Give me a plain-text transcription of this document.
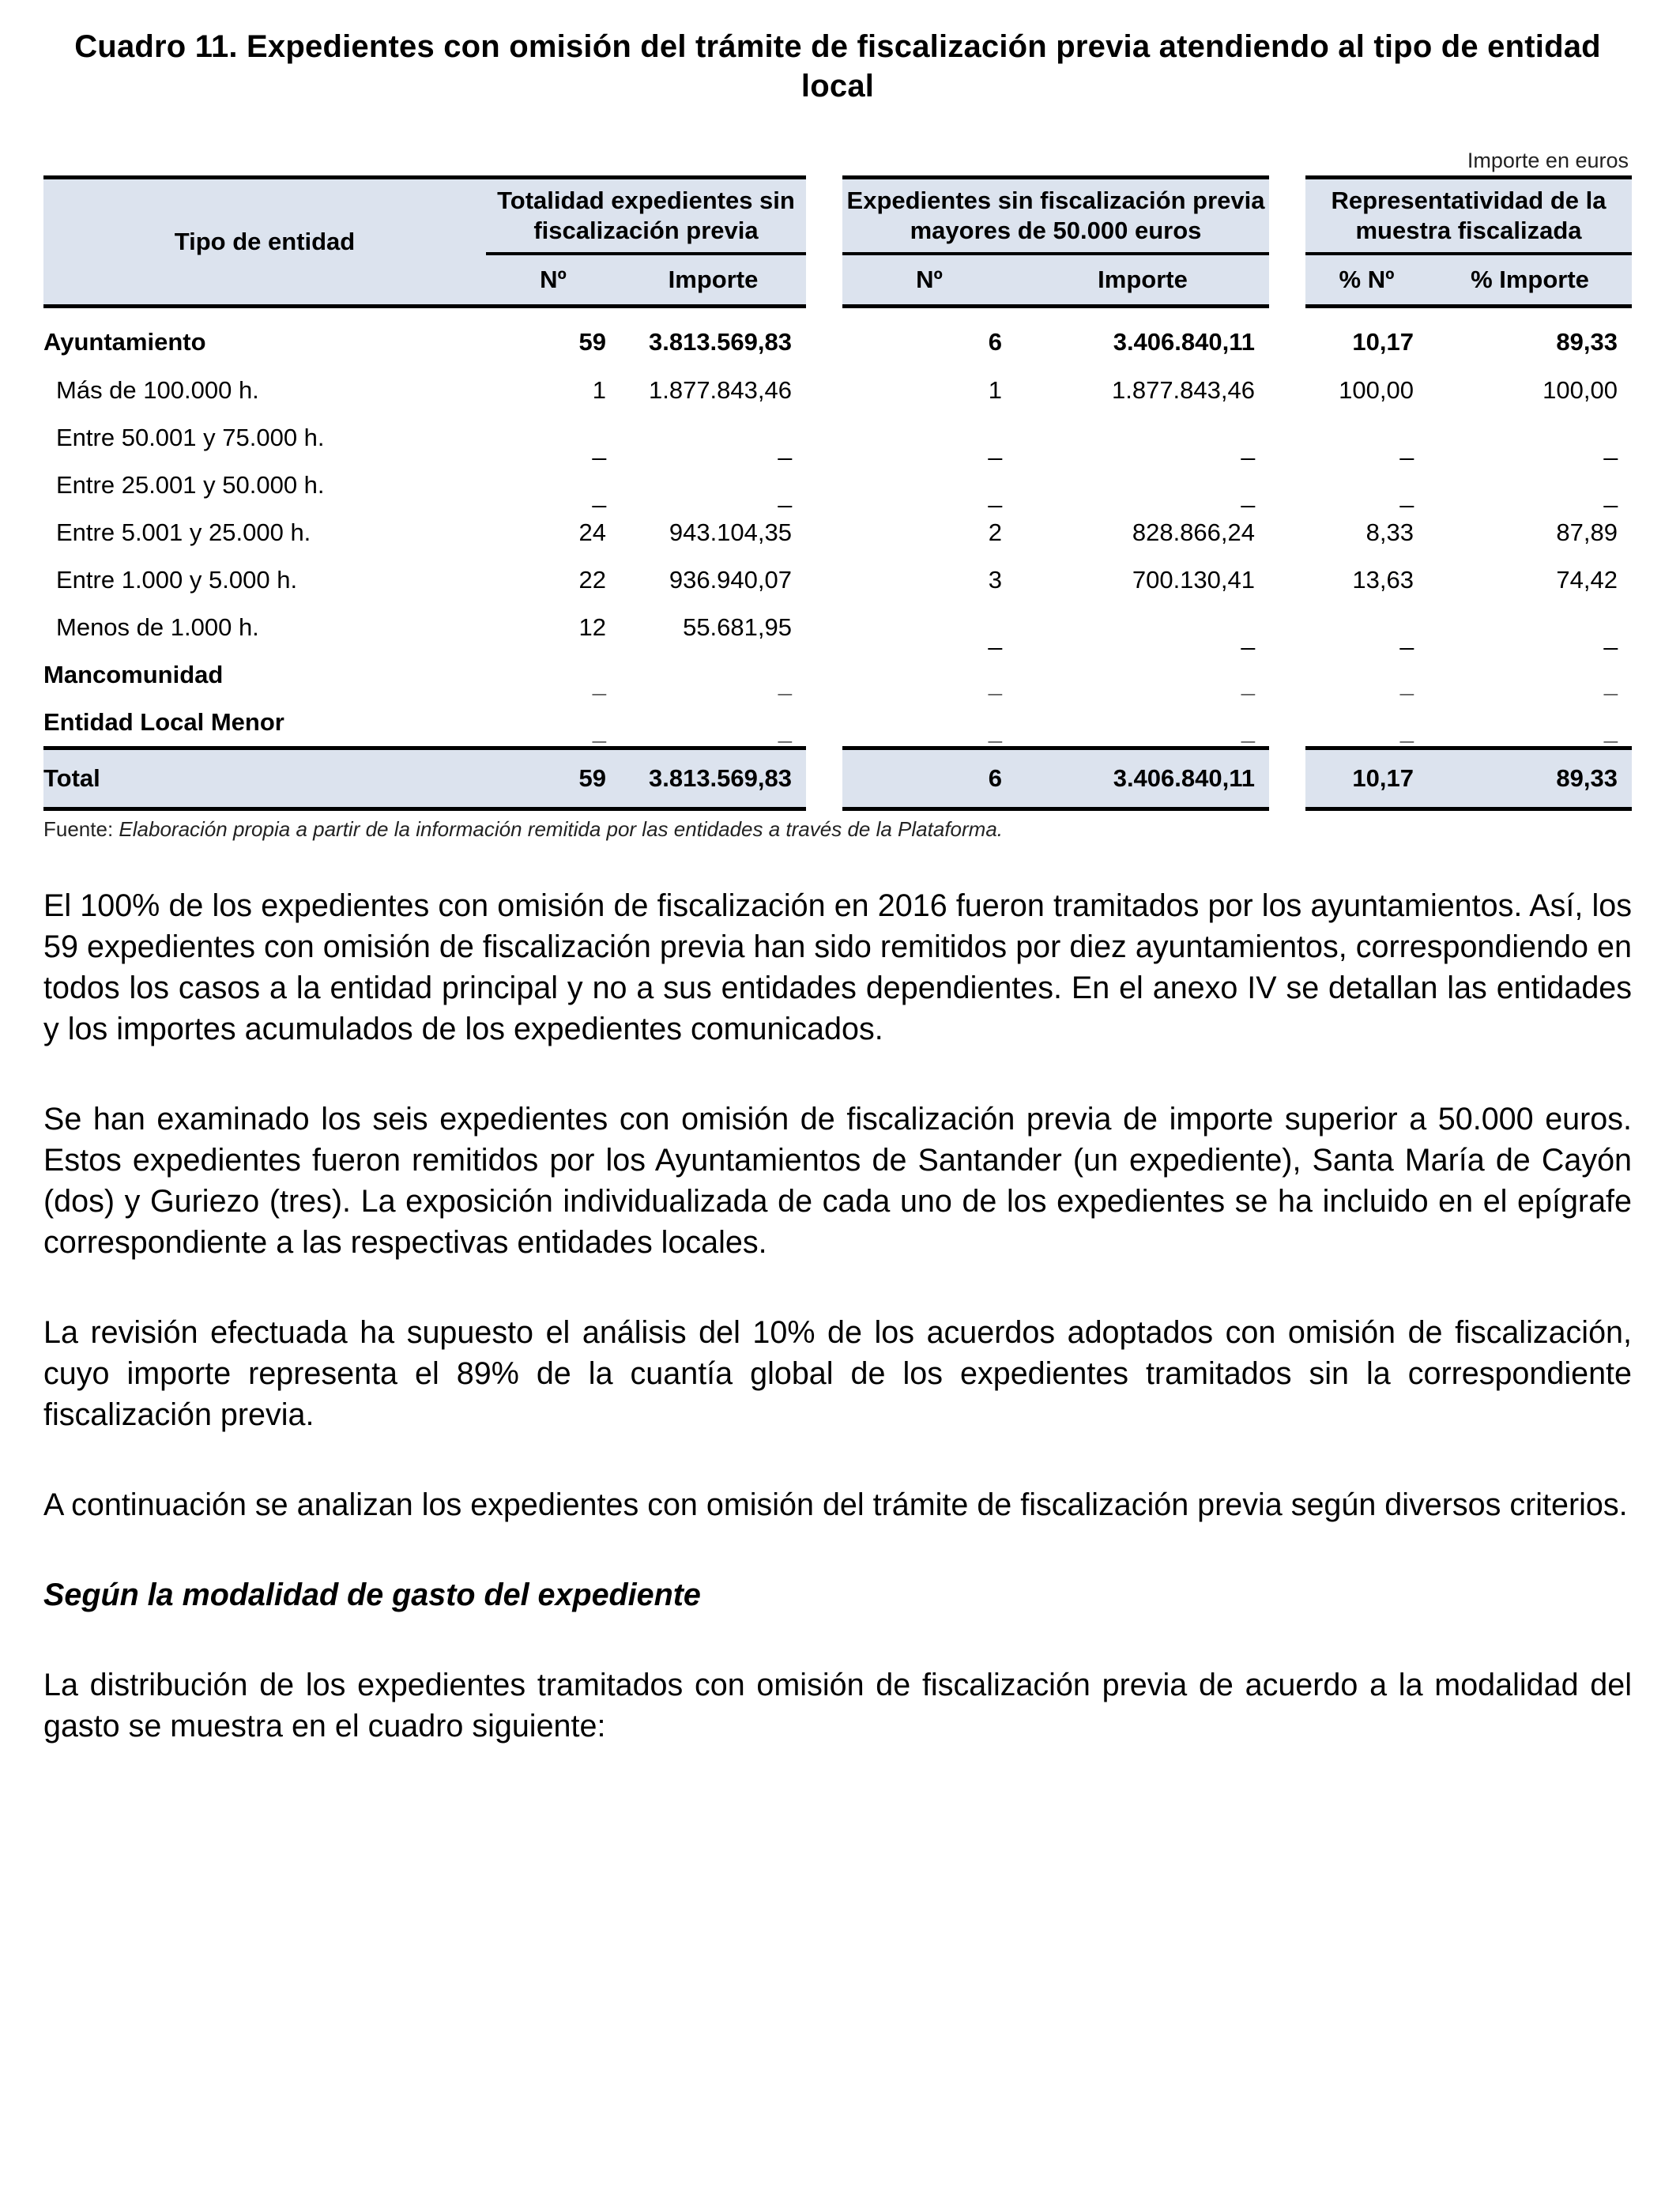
Cuadro 11. Expedientes con omisión del trámite de fiscalización previa atendiendo al tipo de entidad local
Importe en euros
Tipo de entidad	Totalidad expedientes sin fiscalización previa			Expedientes sin fiscalización previa mayores de 50.000 euros			Representatividad de la muestra fiscalizada	
	Nº	Importe		Nº	Importe		% Nº	% Importe
Ayuntamiento	59	3.813.569,83		6	3.406.840,11		10,17	89,33
Más de 100.000 h.	1	1.877.843,46		1	1.877.843,46		100,00	100,00
Entre 50.001 y 75.000 h.	_	_		_	_		_	_
Entre 25.001 y 50.000 h.	_	_		_	_		_	_
Entre 5.001 y 25.000 h.	24	943.104,35		2	828.866,24		8,33	87,89
Entre 1.000 y 5.000 h.	22	936.940,07		3	700.130,41		13,63	74,42
Menos de 1.000 h.	12	55.681,95		_	_		_	_
Mancomunidad	_	_		_	_		_	_
Entidad Local Menor	_	_		_	_		_	_
Total	59	3.813.569,83		6	3.406.840,11		10,17	89,33
Fuente: Elaboración propia a partir de la información remitida por las entidades a través de la Plataforma.

El 100% de los expedientes con omisión de fiscalización en 2016 fueron tramitados por los ayuntamientos. Así, los 59 expedientes con omisión de fiscalización previa han sido remitidos por diez ayuntamientos, correspondiendo en todos los casos a la entidad principal y no a sus entidades dependientes. En el anexo IV se detallan las entidades y los importes acumulados de los expedientes comunicados.

Se han examinado los seis expedientes con omisión de fiscalización previa de importe superior a 50.000 euros. Estos expedientes fueron remitidos por los Ayuntamientos de Santander (un expediente), Santa María de Cayón (dos) y Guriezo (tres). La exposición individualizada de cada uno de los expedientes se ha incluido en el epígrafe correspondiente a las respectivas entidades locales.

La revisión efectuada ha supuesto el análisis del 10% de los acuerdos adoptados con omisión de fiscalización, cuyo importe representa el 89% de la cuantía global de los expedientes tramitados sin la correspondiente fiscalización previa.

A continuación se analizan los expedientes con omisión del trámite de fiscalización previa según diversos criterios.

Según la modalidad de gasto del expediente

La distribución de los expedientes tramitados con omisión de fiscalización previa de acuerdo a la modalidad del gasto se muestra en el cuadro siguiente:
